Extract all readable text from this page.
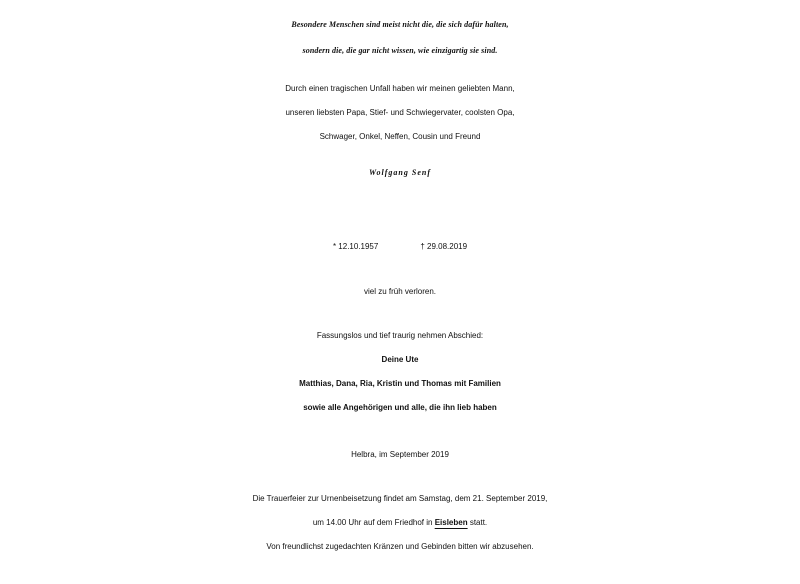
Besondere Menschen sind meist nicht die, die sich dafür halten,
sondern die, die gar nicht wissen, wie einzigartig sie sind.
Durch einen tragischen Unfall haben wir meinen geliebten Mann,
unseren liebsten Papa, Stief- und Schwiegervater, coolsten Opa,
Schwager, Onkel, Neffen, Cousin und Freund
Wolfgang Senf
* 12.10.1957	† 29.08.2019
viel zu früh verloren.
Fassungslos und tief traurig nehmen Abschied:
Deine Ute
Matthias, Dana, Ria, Kristin und Thomas mit Familien
sowie alle Angehörigen und alle, die ihn lieb haben
Helbra, im September 2019
Die Trauerfeier zur Urnenbeisetzung findet am Samstag, dem 21. September 2019,
um 14.00 Uhr auf dem Friedhof in Eisleben statt.
Von freundlichst zugedachten Kränzen und Gebinden bitten wir abzusehen.
